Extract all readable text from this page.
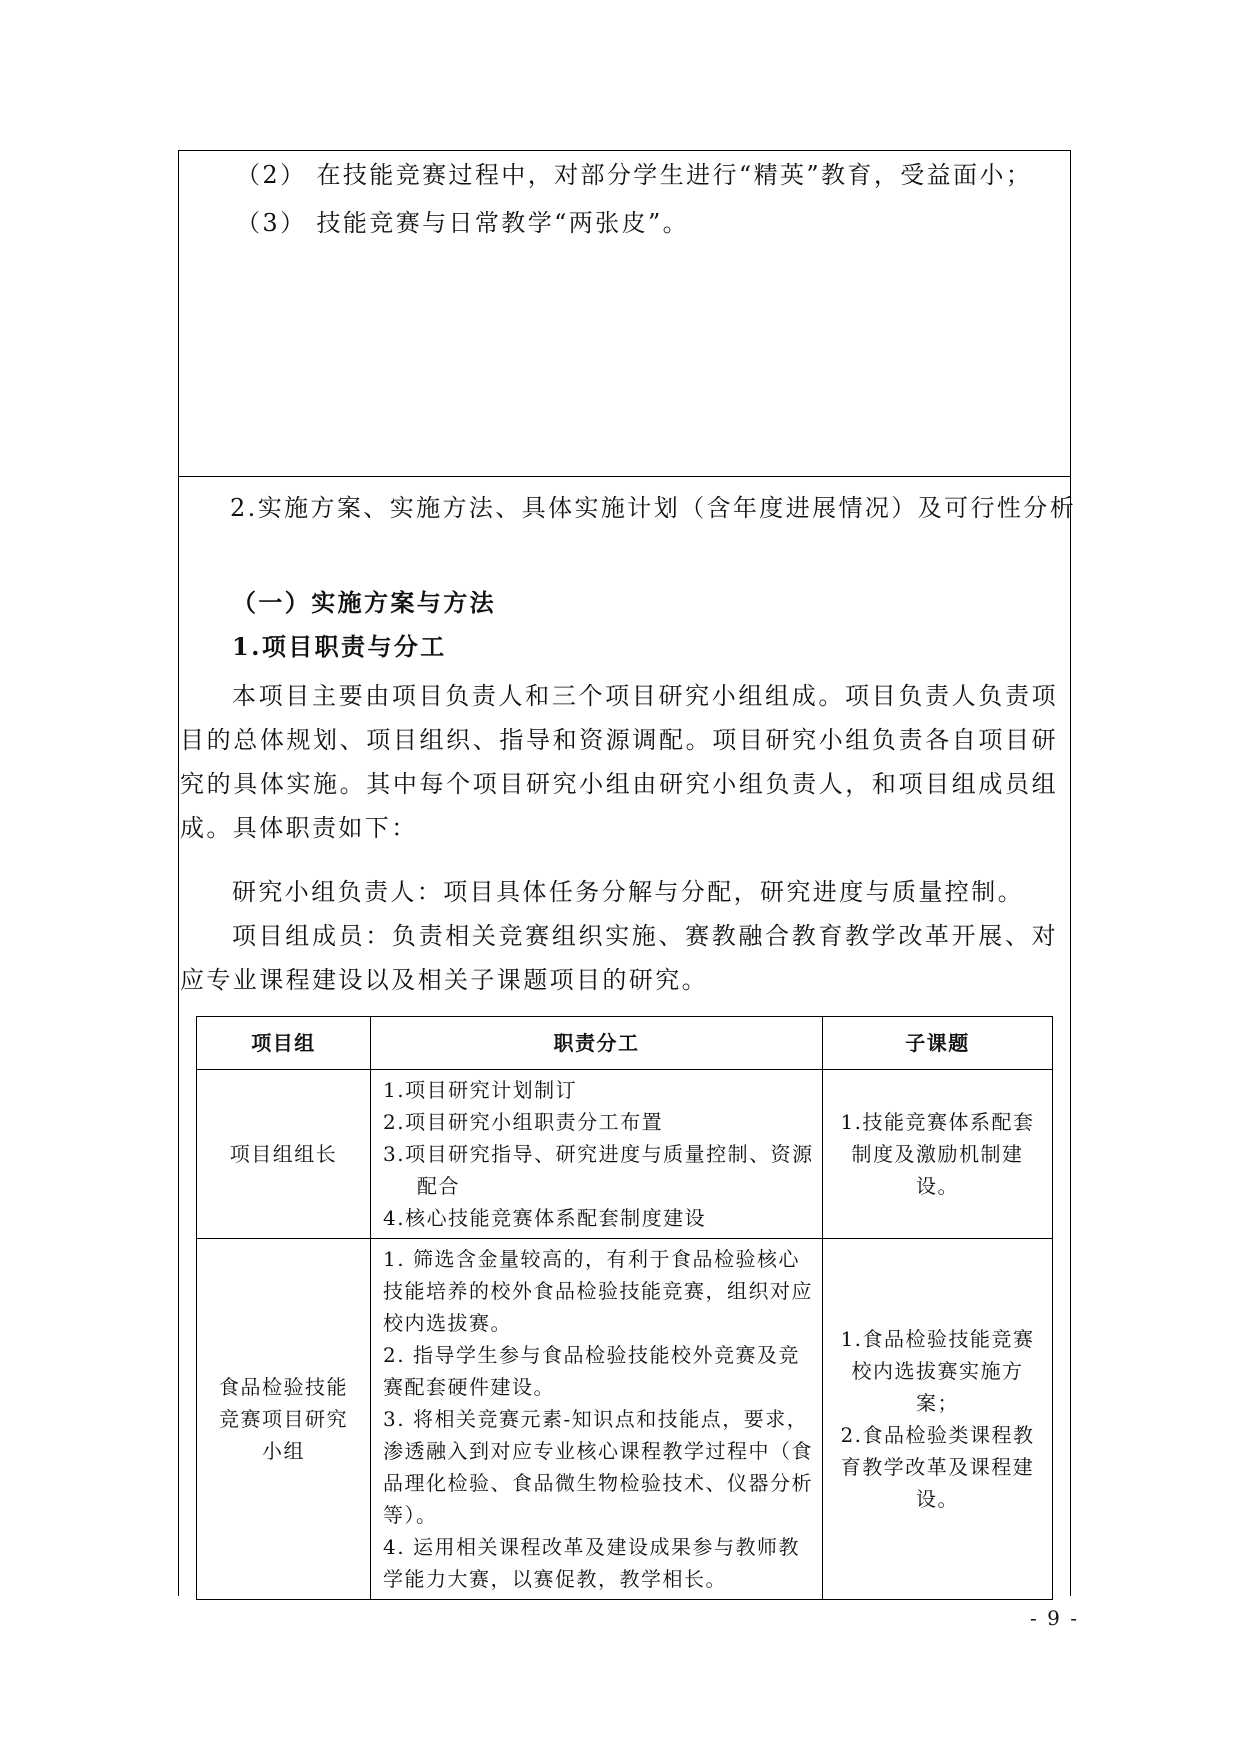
（2） 在技能竞赛过程中，对部分学生进行“精英”教育，受益面小；
（3） 技能竞赛与日常教学“两张皮”。
2.实施方案、实施方法、具体实施计划（含年度进展情况）及可行性分析
（一）实施方案与方法
1.项目职责与分工

本项目主要由项目负责人和三个项目研究小组组成。项目负责人负责项目的总体规划、项目组织、指导和资源调配。项目研究小组负责各自项目研究的具体实施。其中每个项目研究小组由研究小组负责人，和项目组成员组成。具体职责如下：

研究小组负责人：项目具体任务分解与分配，研究进度与质量控制。

项目组成员：负责相关竞赛组织实施、赛教融合教育教学改革开展、对应专业课程建设以及相关子课题项目的研究。

项目组	职责分工	子课题
项目组组长	1.项目研究计划制订
2.项目研究小组职责分工布置
3.项目研究指导、研究进度与质量控制、资源配合
4.核心技能竞赛体系配套制度建设	1.技能竞赛体系配套制度及激励机制建设。
食品检验技能竞赛项目研究小组	1. 筛选含金量较高的，有利于食品检验核心技能培养的校外食品检验技能竞赛，组织对应校内选拔赛。
2. 指导学生参与食品检验技能校外竞赛及竞赛配套硬件建设。
3. 将相关竞赛元素-知识点和技能点，要求，渗透融入到对应专业核心课程教学过程中（食品理化检验、食品微生物检验技术、仪器分析等）。
4. 运用相关课程改革及建设成果参与教师教学能力大赛，以赛促教，教学相长。	1.食品检验技能竞赛校内选拔赛实施方案；
2.食品检验类课程教育教学改革及课程建设。
- 9 -
